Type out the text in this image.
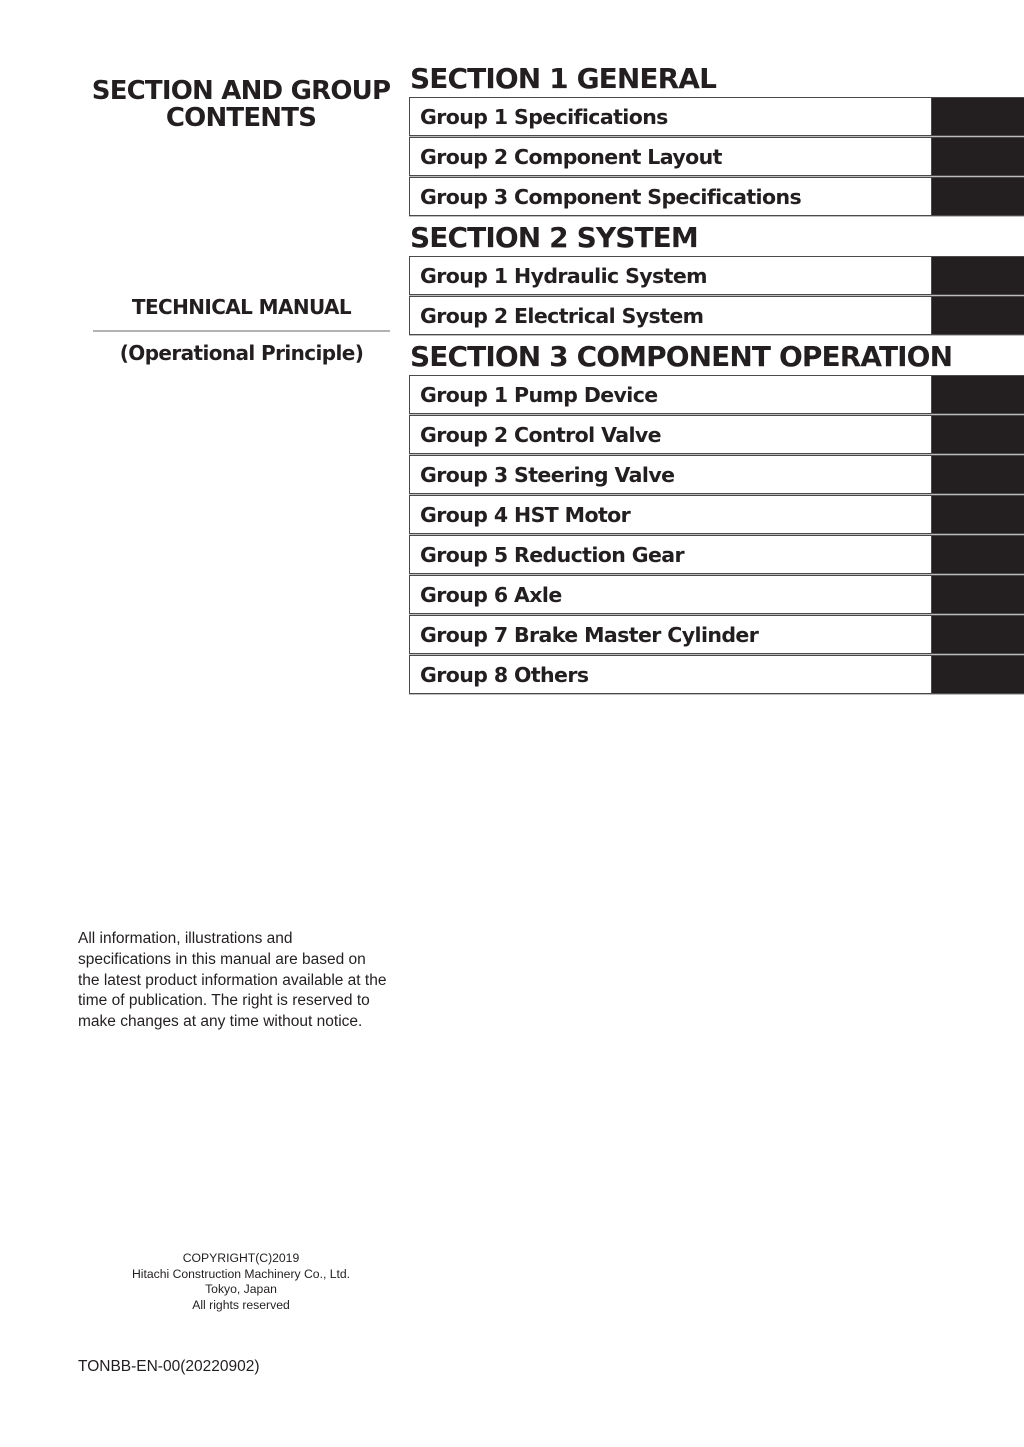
SECTION AND GROUP
CONTENTS
TECHNICAL MANUAL
(Operational Principle)
All information, illustrations and specifications in this manual are based on the latest product information available at the time of publication. The right is reserved to make changes at any time without notice.
COPYRIGHT(C)2019
Hitachi Construction Machinery Co., Ltd.
Tokyo, Japan
All rights reserved
TONBB-EN-00(20220902)
SECTION 1 GENERAL
Group 1 Specifications
Group 2 Component Layout
Group 3 Component Specifications
SECTION 2 SYSTEM
Group 1 Hydraulic System
Group 2 Electrical System
SECTION 3 COMPONENT OPERATION
Group 1 Pump Device
Group 2 Control Valve
Group 3 Steering Valve
Group 4 HST Motor
Group 5 Reduction Gear
Group 6 Axle
Group 7 Brake Master Cylinder
Group 8 Others
